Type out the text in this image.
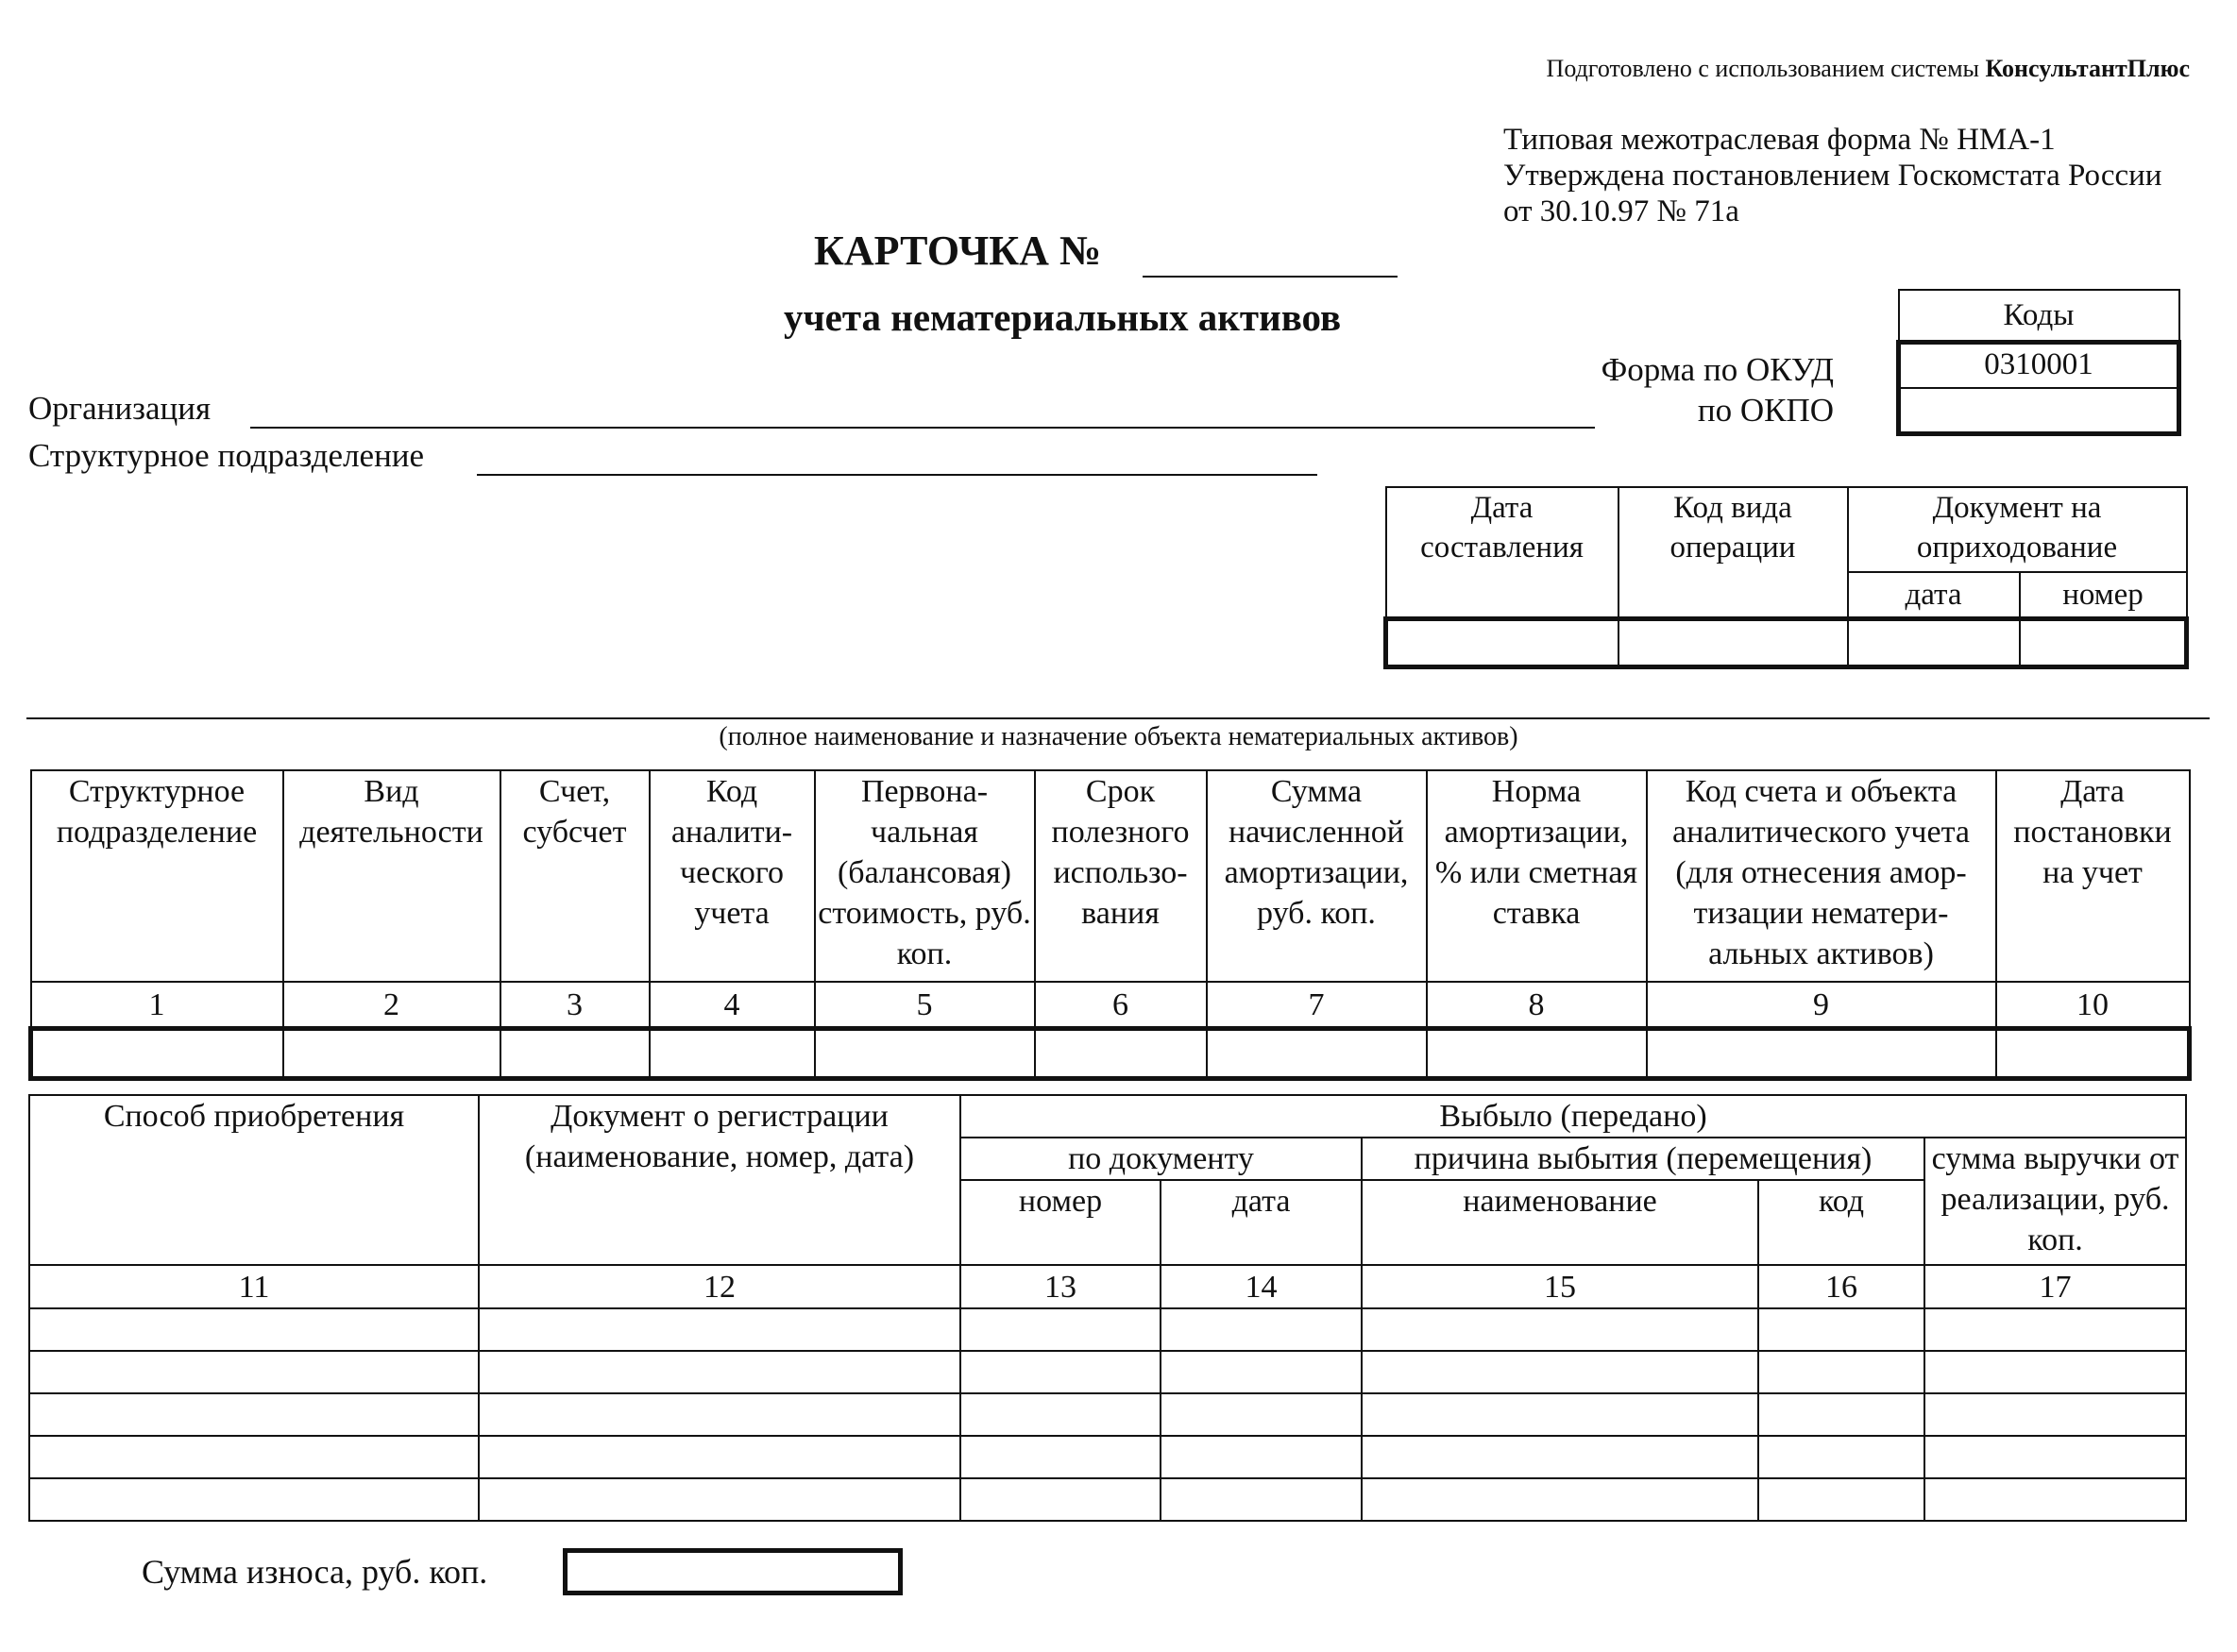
Подготовлено с использованием системы КонсультантПлюс
Типовая межотраслевая форма № НМА-1
Утверждена постановлением Госкомстата России
от 30.10.97 № 71а
КАРТОЧКА №
учета нематериальных активов
Форма по ОКУД
по ОКПО
Коды
0310001

Организация
Структурное подразделение
Дата составления	Код вида операции	Документ на оприходование	
		дата	номер

(полное наименование и назначение объекта нематериальных активов)
Структурное подразделение	Вид деятельности	Счет, субсчет	Код аналити-ческого учета	Первона-чальная (балансовая) стоимость, руб. коп.	Срок полезного использо-вания	Сумма начисленной амортизации, руб. коп.	Норма амортизации, % или сметная ставка	Код счета и объекта аналитического учета (для отнесения амор-тизации нематери-альных активов)	Дата постановки на учет
1	2	3	4	5	6	7	8	9	10

Способ приобретения	Документ о регистрации (наименование, номер, дата)	Выбыло (передано)				
		по документу		причина выбытия (перемещения)		сумма выручки от реализации, руб. коп.
		номер	дата	наименование	код	
11	12	13	14	15	16	17

Сумма износа, руб. коп.
